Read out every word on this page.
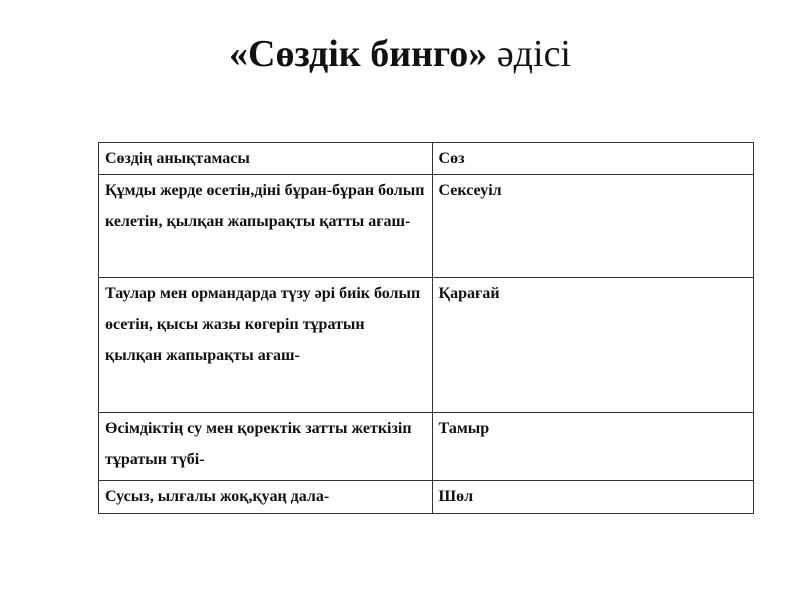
«Сөздік бинго» әдісі
Сөздің анықтамасы	Сөз
Құмды жерде өсетін,діні бұран-бұран болып келетін, қылқан жапырақты қатты ағаш-	Сексеуіл
Таулар мен ормандарда түзу әрі биік болып өсетін, қысы жазы көгеріп тұратын қылқан жапырақты ағаш-	Қарағай
Өсімдіктің су мен қоректік затты жеткізіп тұратын түбі-	Тамыр
Сусыз, ылғалы жоқ,қуаң дала-	Шөл
